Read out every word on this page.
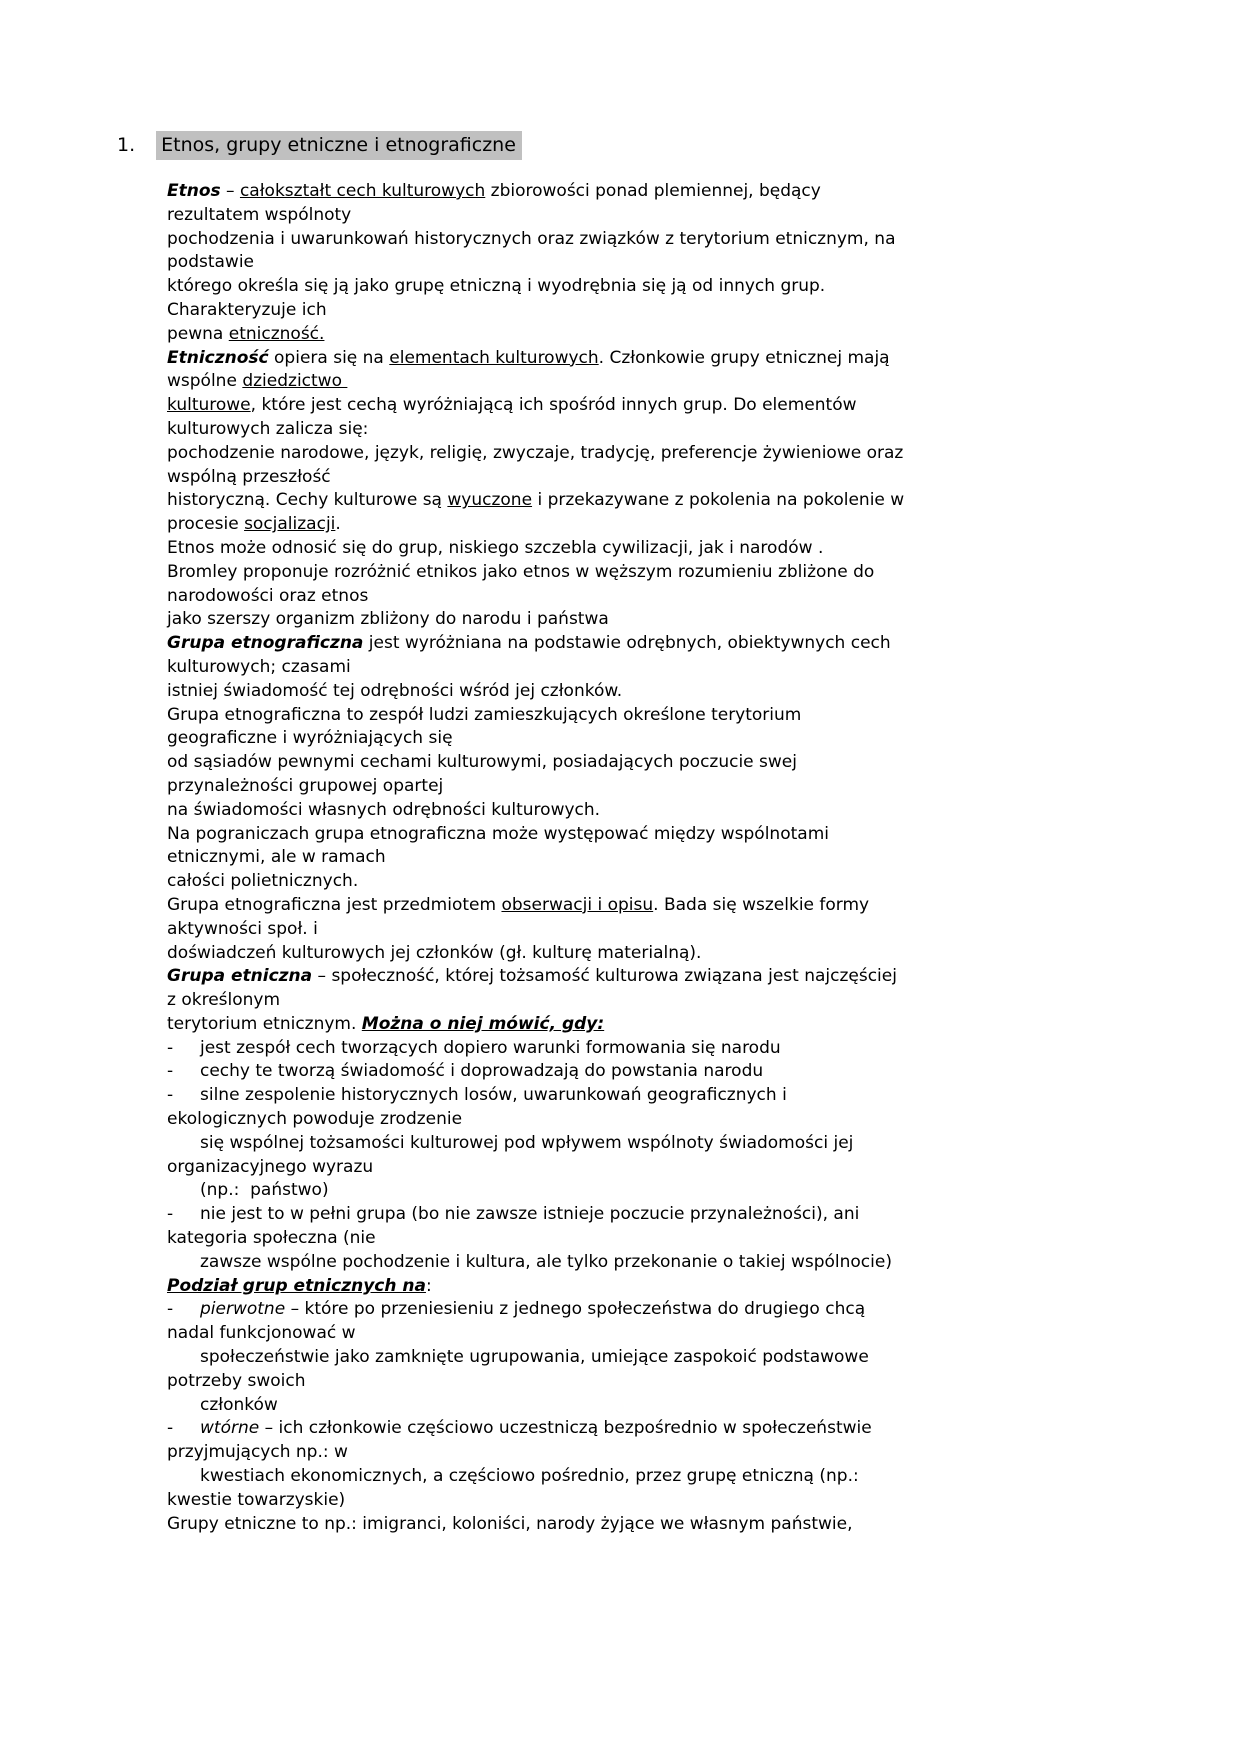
1. Etnos, grupy etniczne i etnograficzne
Etnos – całokształt cech kulturowych zbiorowości ponad plemiennej, będący
rezultatem wspólnoty
pochodzenia i uwarunkowań historycznych oraz związków z terytorium etnicznym, na
podstawie
którego określa się ją jako grupę etniczną i wyodrębnia się ją od innych grup.
Charakteryzuje ich
pewna etniczność.
Etniczność opiera się na elementach kulturowych. Członkowie grupy etnicznej mają
wspólne dziedzictwo
kulturowe, które jest cechą wyróżniającą ich spośród innych grup. Do elementów
kulturowych zalicza się:
pochodzenie narodowe, język, religię, zwyczaje, tradycję, preferencje żywieniowe oraz
wspólną przeszłość
historyczną. Cechy kulturowe są wyuczone i przekazywane z pokolenia na pokolenie w
procesie socjalizacji.
Etnos może odnosić się do grup, niskiego szczebla cywilizacji, jak i narodów .
Bromley proponuje rozróżnić etnikos jako etnos w węższym rozumieniu zbliżone do
narodowości oraz etnos
jako szerszy organizm zbliżony do narodu i państwa
Grupa etnograficzna jest wyróżniana na podstawie odrębnych, obiektywnych cech
kulturowych; czasami
istniej świadomość tej odrębności wśród jej członków.
Grupa etnograficzna to zespół ludzi zamieszkujących określone terytorium
geograficzne i wyróżniających się
od sąsiadów pewnymi cechami kulturowymi, posiadających poczucie swej
przynależności grupowej opartej
na świadomości własnych odrębności kulturowych.
Na pograniczach grupa etnograficzna może występować między wspólnotami
etnicznymi, ale w ramach
całości polietnicznych.
Grupa etnograficzna jest przedmiotem obserwacji i opisu. Bada się wszelkie formy
aktywności społ. i
doświadczeń kulturowych jej członków (gł. kulturę materialną).
Grupa etniczna – społeczność, której tożsamość kulturowa związana jest najczęściej
z określonym
terytorium etnicznym. Można o niej mówić, gdy:
- jest zespół cech tworzących dopiero warunki formowania się narodu
- cechy te tworzą świadomość i doprowadzają do powstania narodu
- silne zespolenie historycznych losów, uwarunkowań geograficznych i
ekologicznych powoduje zrodzenie
się wspólnej tożsamości kulturowej pod wpływem wspólnoty świadomości jej
organizacyjnego wyrazu
(np.:  państwo)
- nie jest to w pełni grupa (bo nie zawsze istnieje poczucie przynależności), ani
kategoria społeczna (nie
zawsze wspólne pochodzenie i kultura, ale tylko przekonanie o takiej wspólnocie)
Podział grup etnicznych na:
- pierwotne – które po przeniesieniu z jednego społeczeństwa do drugiego chcą
nadal funkcjonować w
społeczeństwie jako zamknięte ugrupowania, umiejące zaspokoić podstawowe
potrzeby swoich
członków
- wtórne – ich członkowie częściowo uczestniczą bezpośrednio w społeczeństwie
przyjmujących np.: w
kwestiach ekonomicznych, a częściowo pośrednio, przez grupę etniczną (np.:
kwestie towarzyskie)
Grupy etniczne to np.: imigranci, koloniści, narody żyjące we własnym państwie,
